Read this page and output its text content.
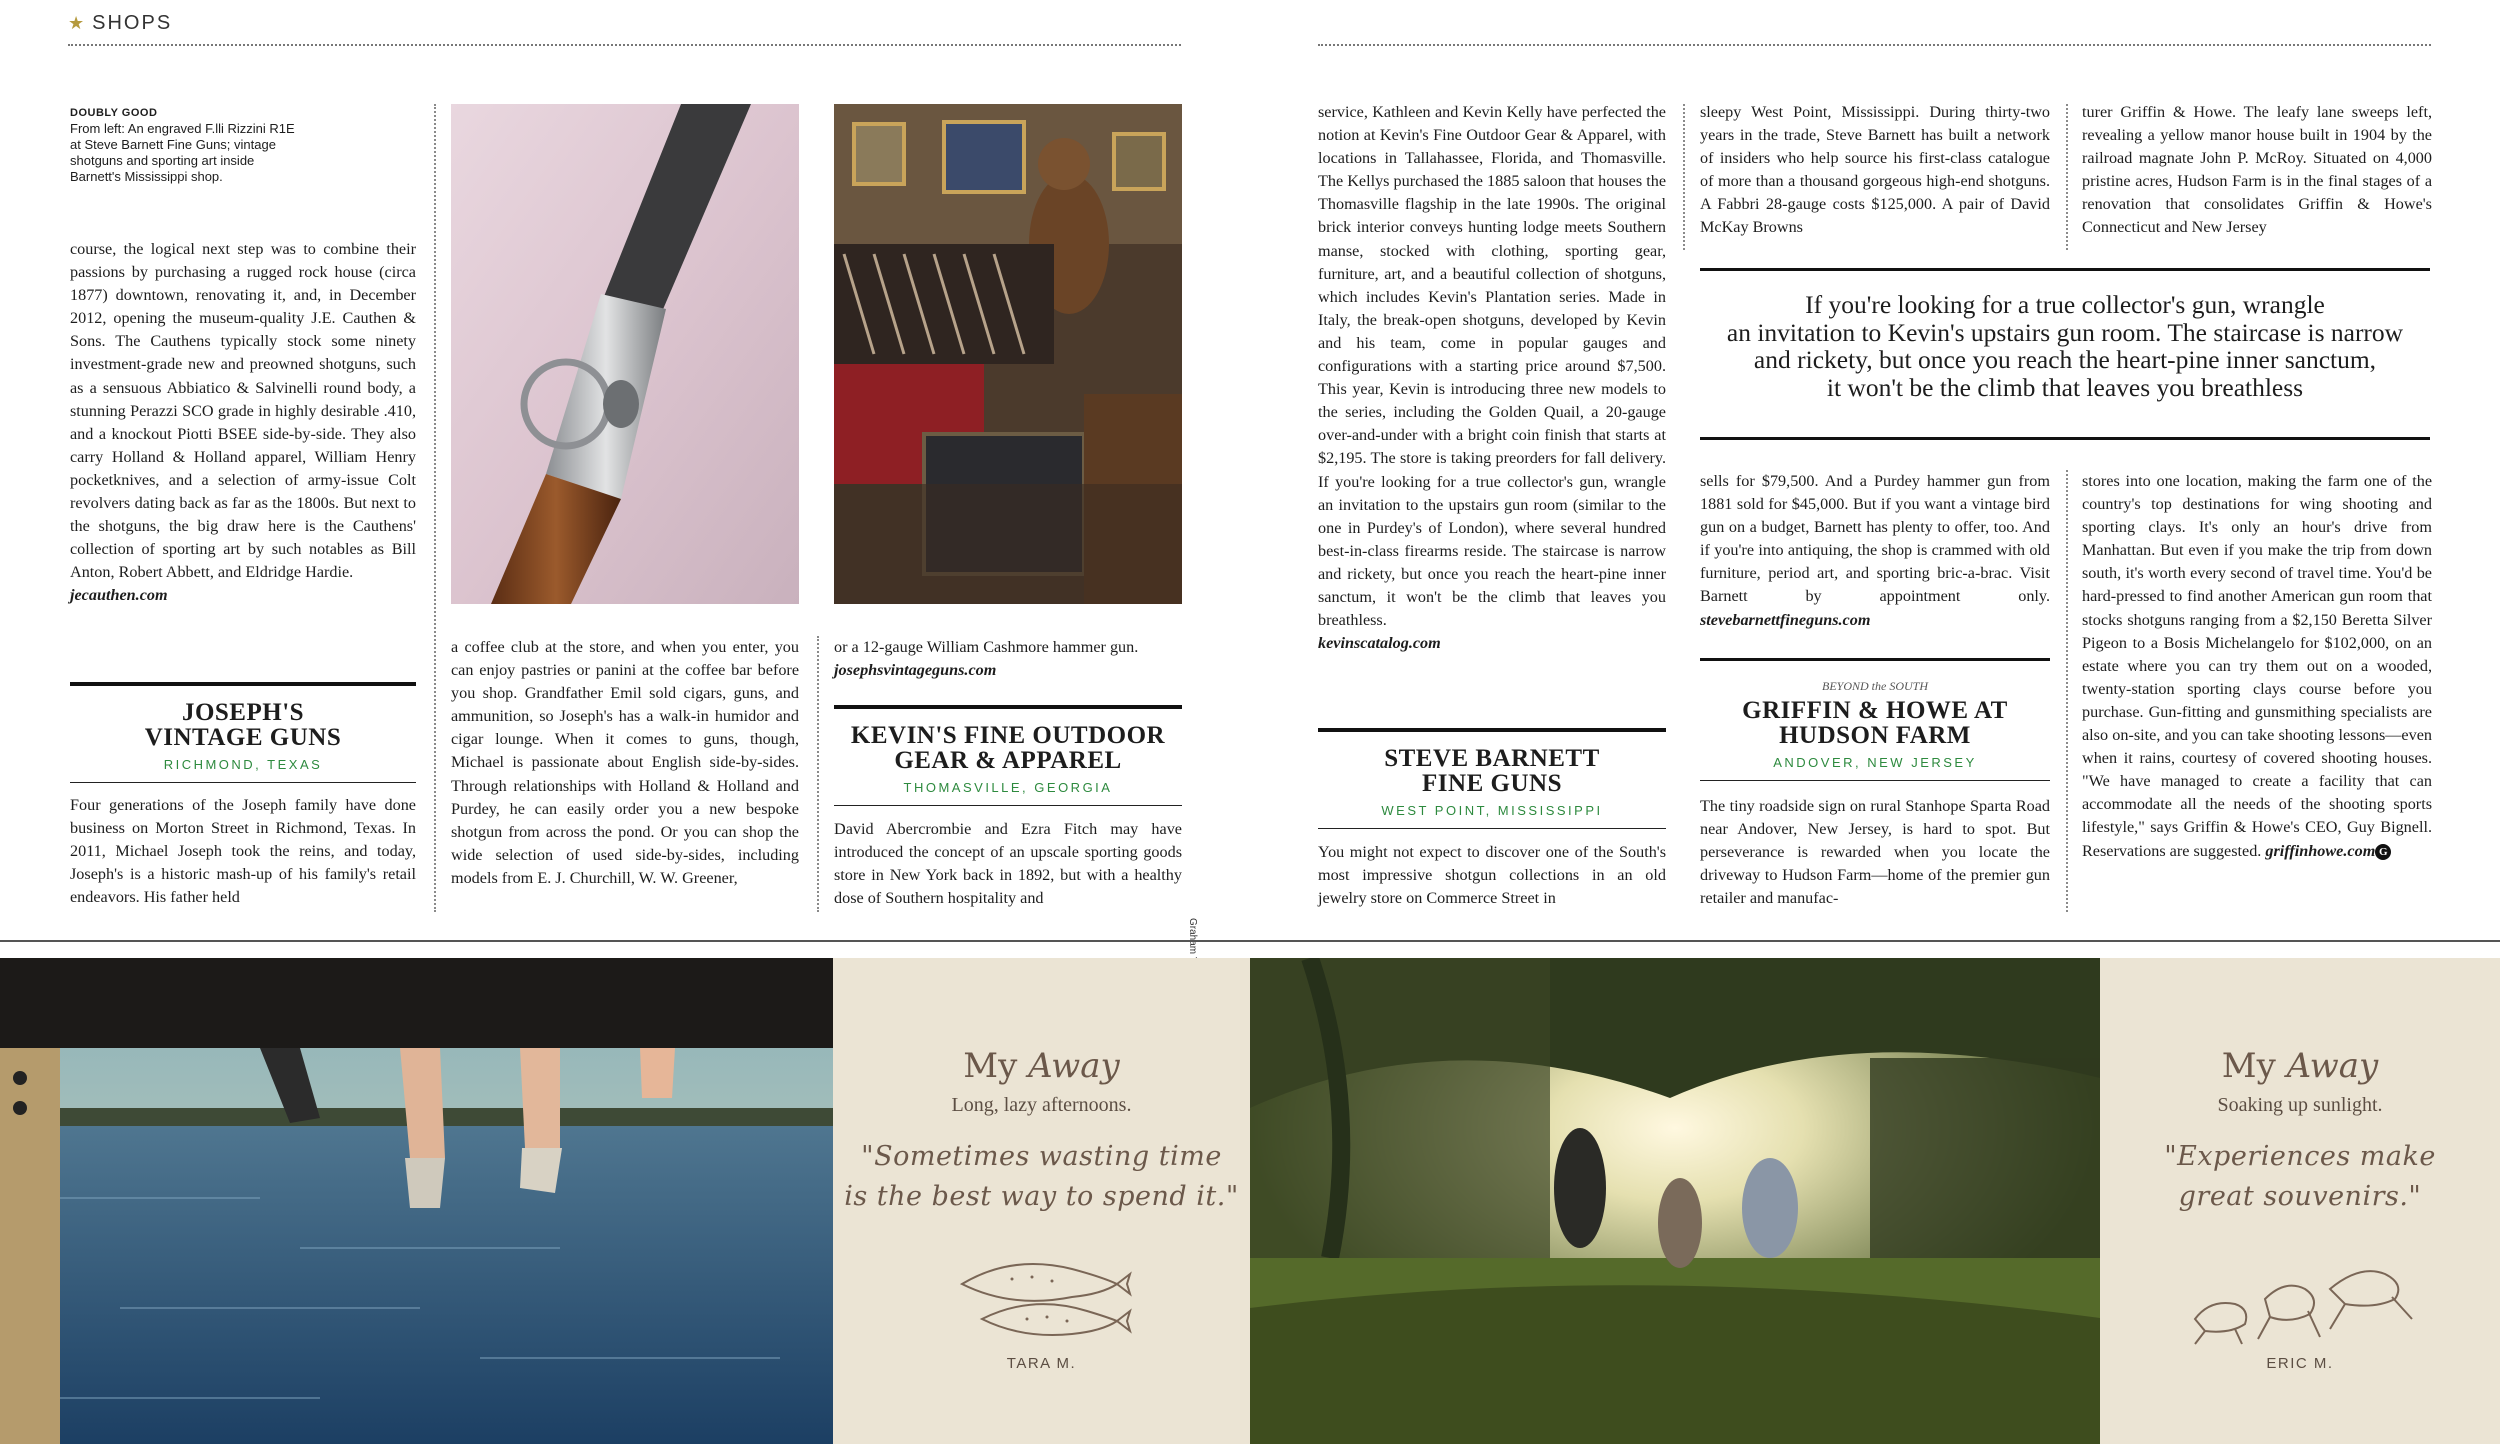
★ SHOPS
DOUBLY GOOD
From left: An engraved F.lli Rizzini R1E at Steve Barnett Fine Guns; vintage shotguns and sporting art inside Barnett's Mississippi shop.

course, the logical next step was to combine their passions by purchasing a rugged rock house (circa 1877) downtown, renovating it, and, in December 2012, opening the museum-quality J.E. Cauthen & Sons. The Cauthens typically stock some ninety investment-grade new and preowned shotguns, such as a sensuous Abbiatico & Salvinelli round body, a stunning Perazzi SCO grade in highly desirable .410, and a knockout Piotti BSEE side-by-side. They also carry Holland & Holland apparel, William Henry pocketknives, and a selection of army-issue Colt revolvers dating back as far as the 1800s. But next to the shotguns, the big draw here is the Cauthens' collection of sporting art by such notables as Bill Anton, Robert Abbett, and Eldridge Hardie.

jecauthen.com

JOSEPH'S
VINTAGE GUNS
RICHMOND, TEXAS

Four generations of the Joseph family have done business on Morton Street in Richmond, Texas. In 2011, Michael Joseph took the reins, and today, Joseph's is a historic mash-up of his family's retail endeavors. His father held

a coffee club at the store, and when you enter, you can enjoy pastries or panini at the coffee bar before you shop. Grandfather Emil sold cigars, guns, and ammunition, so Joseph's has a walk-in humidor and cigar lounge. When it comes to guns, though, Michael is passionate about English side-by-sides. Through relationships with Holland & Holland and Purdey, he can easily order you a new bespoke shotgun from across the pond. Or you can shop the wide selection of used side-by-sides, including models from E. J. Churchill, W. W. Greener,

or a 12-gauge William Cashmore hammer gun.

josephsvintageguns.com

KEVIN'S FINE OUTDOOR
GEAR & APPAREL
THOMASVILLE, GEORGIA

David Abercrombie and Ezra Fitch may have introduced the concept of an upscale sporting goods store in New York back in 1892, but with a healthy dose of Southern hospitality and

service, Kathleen and Kevin Kelly have perfected the notion at Kevin's Fine Outdoor Gear & Apparel, with locations in Tallahassee, Florida, and Thomasville. The Kellys purchased the 1885 saloon that houses the Thomasville flagship in the late 1990s. The original brick interior conveys hunting lodge meets Southern manse, stocked with clothing, sporting gear, furniture, art, and a beautiful collection of shotguns, which includes Kevin's Plantation series. Made in Italy, the break-open shotguns, developed by Kevin and his team, come in popular gauges and configurations with a starting price around $7,500. This year, Kevin is introducing three new models to the series, including the Golden Quail, a 20-gauge over-and-under with a bright coin finish that starts at $2,195. The store is taking preorders for fall delivery. If you're looking for a true collector's gun, wrangle an invitation to the upstairs gun room (similar to the one in Purdey's of London), where several hundred best-in-class firearms reside. The staircase is narrow and rickety, but once you reach the heart-pine inner sanctum, it won't be the climb that leaves you breathless.

kevinscatalog.com

STEVE BARNETT
FINE GUNS
WEST POINT, MISSISSIPPI

You might not expect to discover one of the South's most impressive shotgun collections in an old jewelry store on Commerce Street in

sleepy West Point, Mississippi. During thirty-two years in the trade, Steve Barnett has built a network of insiders who help source his first-class catalogue of more than a thousand gorgeous high-end shotguns. A Fabbri 28-gauge costs $125,000. A pair of David McKay Browns

turer Griffin & Howe. The leafy lane sweeps left, revealing a yellow manor house built in 1904 by the railroad magnate John P. McRoy. Situated on 4,000 pristine acres, Hudson Farm is in the final stages of a renovation that consolidates Griffin & Howe's Connecticut and New Jersey

If you're looking for a true collector's gun, wrangle
an invitation to Kevin's upstairs gun room. The staircase is narrow
and rickety, but once you reach the heart-pine inner sanctum,
it won't be the climb that leaves you breathless

sells for $79,500. And a Purdey hammer gun from 1881 sold for $45,000. But if you want a vintage bird gun on a budget, Barnett has plenty to offer, too. And if you're into antiquing, the shop is crammed with old furniture, period art, and sporting bric-a-brac. Visit Barnett by appointment only. stevebarnettfineguns.com

BEYOND the SOUTH
GRIFFIN & HOWE AT
HUDSON FARM
ANDOVER, NEW JERSEY

The tiny roadside sign on rural Stanhope Sparta Road near Andover, New Jersey, is hard to spot. But perseverance is rewarded when you locate the driveway to Hudson Farm—home of the premier gun retailer and manufac-

stores into one location, making the farm one of the country's top destinations for wing shooting and sporting clays. It's only an hour's drive from Manhattan. But even if you make the trip from down south, it's worth every second of travel time. You'd be hard-pressed to find another American gun room that stocks shotguns ranging from a $2,150 Beretta Silver Pigeon to a Bosis Michelangelo for $102,000, on an estate where you can try them out on a wooded, twenty-station sporting clays course before you purchase. Gun-fitting and gunsmithing specialists are also on-site, and you can take shooting lessons—even when it rains, courtesy of covered shooting houses. "We have managed to create a facility that can accommodate all the needs of the shooting sports lifestyle," says Griffin & Howe's CEO, Guy Bignell. Reservations are suggested. griffinhowe.com G

My Away
Long, lazy afternoons.
"Sometimes wasting time
is the best way to spend it."
TARA M.
My Away
Soaking up sunlight.
"Experiences make
great souvenirs."
ERIC M.
